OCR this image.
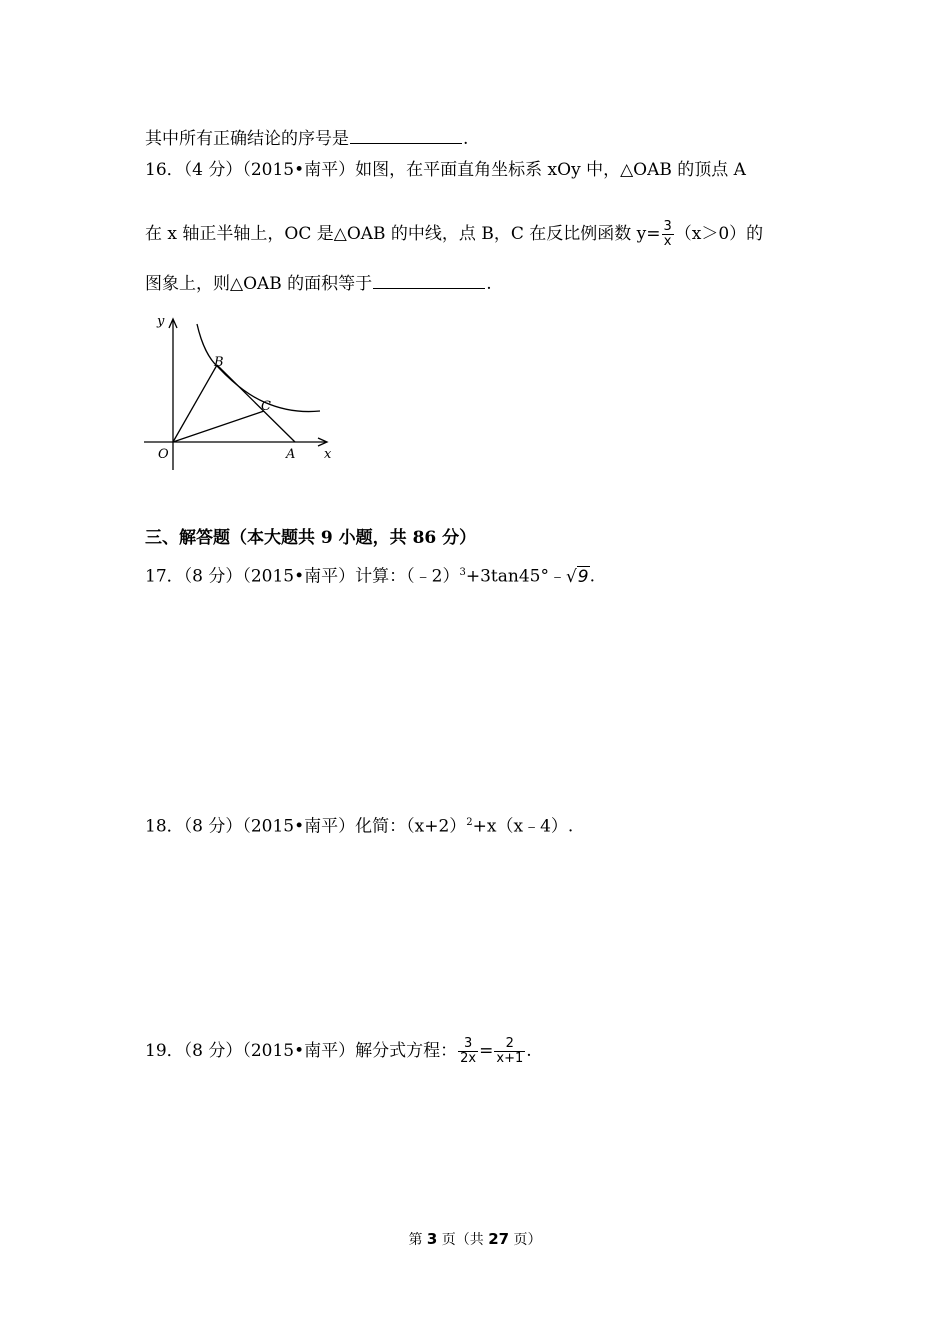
其中所有正确结论的序号是	.
16．（4 分）（2015•南平）如图，在平面直角坐标系 xOy 中，△OAB 的顶点 A
在 x 轴正半轴上，OC 是△OAB 的中线，点 B，C 在反比例函数 $y= \frac{3}{x} (x>0)$的
图象上，则△OAB 的面积等于	.
y
x
O	A
B
C
三、解答题（本大题共 9 小题，共 86 分）
17．（8 分）（2015•南平）计算：（﹣2）$^3$+3tan45°﹣√9.
18．（8 分）（2015•南平）化简：$(x+2)^2+x(x﹣4)$.
19．（8 分）（2015•南平）解分式方程： $\frac{3}{2x} = \frac{2}{x+1}$ .
第 3 页（共 27 页）
